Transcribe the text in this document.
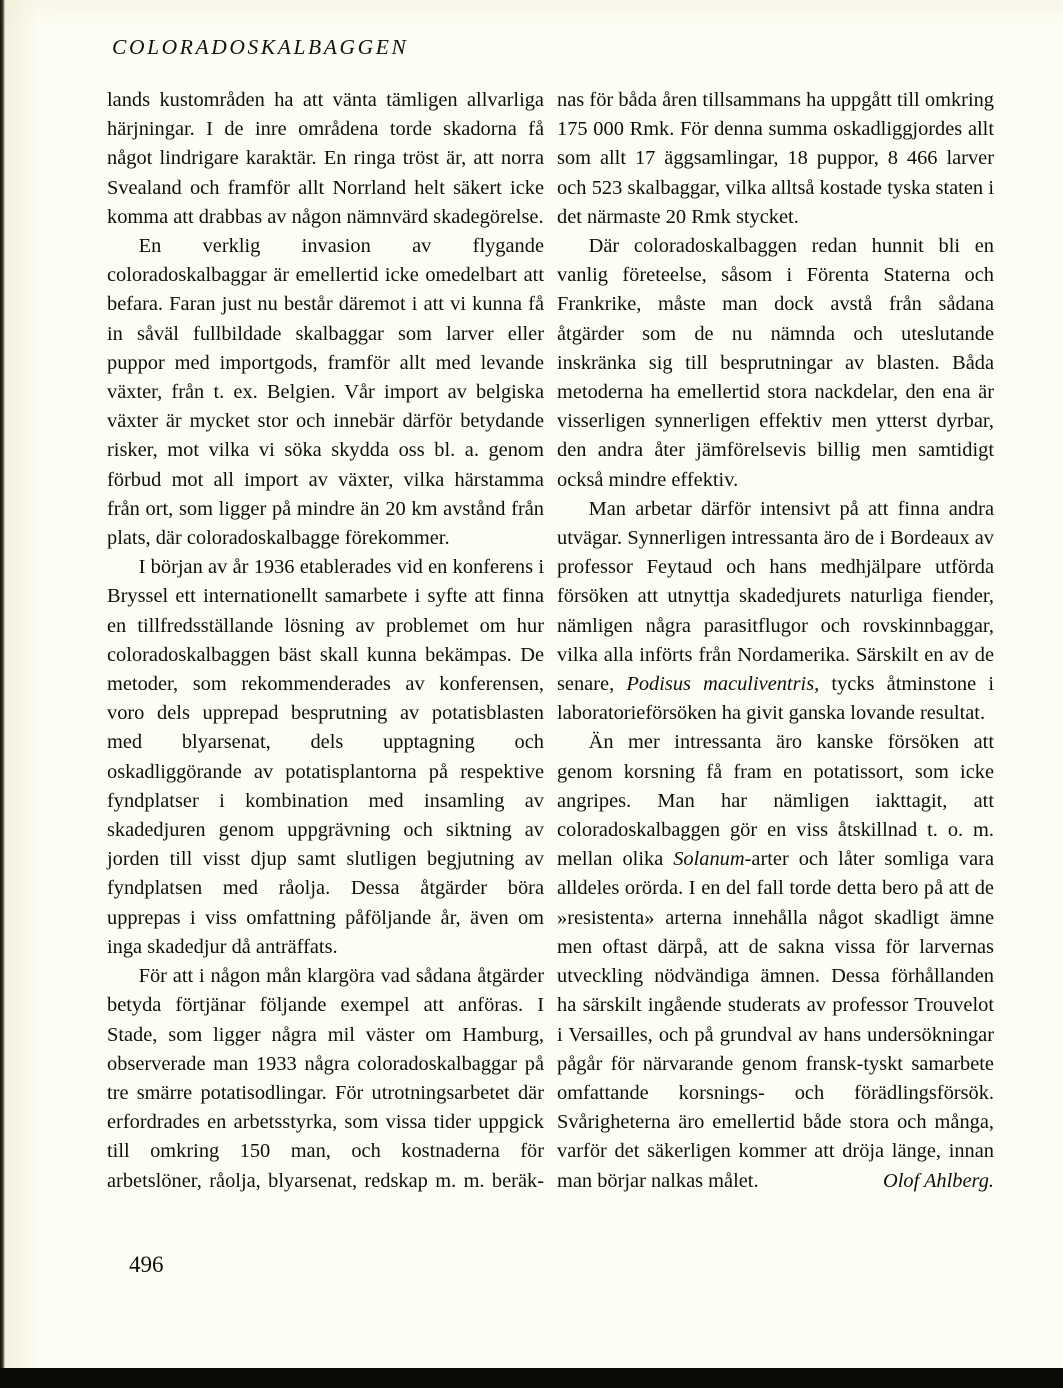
COLORADOSKALBAGGEN

lands kustområden ha att vänta tämligen allvarliga härjningar. I de inre områdena torde skadorna få något lindrigare karaktär. En ringa tröst är, att norra Svealand och framför allt Norrland helt säkert icke komma att drabbas av någon nämnvärd skadegörelse.

En verklig invasion av flygande coloradoskalbaggar är emellertid icke omedelbart att befara. Faran just nu består däremot i att vi kunna få in såväl fullbildade skalbaggar som larver eller puppor med importgods, framför allt med levande växter, från t. ex. Belgien. Vår import av belgiska växter är mycket stor och innebär därför betydande risker, mot vilka vi söka skydda oss bl. a. genom förbud mot all import av växter, vilka härstamma från ort, som ligger på mindre än 20 km avstånd från plats, där coloradoskalbagge förekommer.

I början av år 1936 etablerades vid en konferens i Bryssel ett internationellt samarbete i syfte att finna en tillfredsställande lösning av problemet om hur coloradoskalbaggen bäst skall kunna bekämpas. De metoder, som rekommenderades av konferensen, voro dels upprepad besprutning av potatisblasten med blyarsenat, dels upptagning och oskadliggörande av potatisplantorna på respektive fyndplatser i kombination med insamling av skadedjuren genom uppgrävning och siktning av jorden till visst djup samt slutligen begjutning av fyndplatsen med råolja. Dessa åtgärder böra upprepas i viss omfattning påföljande år, även om inga skadedjur då anträffats.

För att i någon mån klargöra vad sådana åtgärder betyda förtjänar följande exempel att anföras. I Stade, som ligger några mil väster om Hamburg, observerade man 1933 några coloradoskalbaggar på tre smärre potatisodlingar. För utrotningsarbetet där erfordrades en arbetsstyrka, som vissa tider uppgick till omkring 150 man, och kostnaderna för arbetslöner, råolja, blyarsenat, redskap m. m. beräk-

nas för båda åren tillsammans ha uppgått till omkring 175 000 Rmk. För denna summa oskadliggjordes allt som allt 17 äggsamlingar, 18 puppor, 8 466 larver och 523 skalbaggar, vilka alltså kostade tyska staten i det närmaste 20 Rmk stycket.

Där coloradoskalbaggen redan hunnit bli en vanlig företeelse, såsom i Förenta Staterna och Frankrike, måste man dock avstå från sådana åtgärder som de nu nämnda och uteslutande inskränka sig till besprutningar av blasten. Båda metoderna ha emellertid stora nackdelar, den ena är visserligen synnerligen effektiv men ytterst dyrbar, den andra åter jämförelsevis billig men samtidigt också mindre effektiv.

Man arbetar därför intensivt på att finna andra utvägar. Synnerligen intressanta äro de i Bordeaux av professor Feytaud och hans medhjälpare utförda försöken att utnyttja skadedjurets naturliga fiender, nämligen några parasitflugor och rovskinnbaggar, vilka alla införts från Nordamerika. Särskilt en av de senare, Podisus maculiventris, tycks åtminstone i laboratorieförsöken ha givit ganska lovande resultat.

Än mer intressanta äro kanske försöken att genom korsning få fram en potatissort, som icke angripes. Man har nämligen iakttagit, att coloradoskalbaggen gör en viss åtskillnad t. o. m. mellan olika Solanum-arter och låter somliga vara alldeles orörda. I en del fall torde detta bero på att de »resistenta» arterna innehålla något skadligt ämne men oftast därpå, att de sakna vissa för larvernas utveckling nödvändiga ämnen. Dessa förhållanden ha särskilt ingående studerats av professor Trouvelot i Versailles, och på grundval av hans undersökningar pågår för närvarande genom fransk-tyskt samarbete omfattande korsnings- och förädlingsförsök. Svårigheterna äro emellertid både stora och många, varför det säkerligen kommer att dröja länge, innan man börjar nalkas målet.	Olof Ahlberg.

496
